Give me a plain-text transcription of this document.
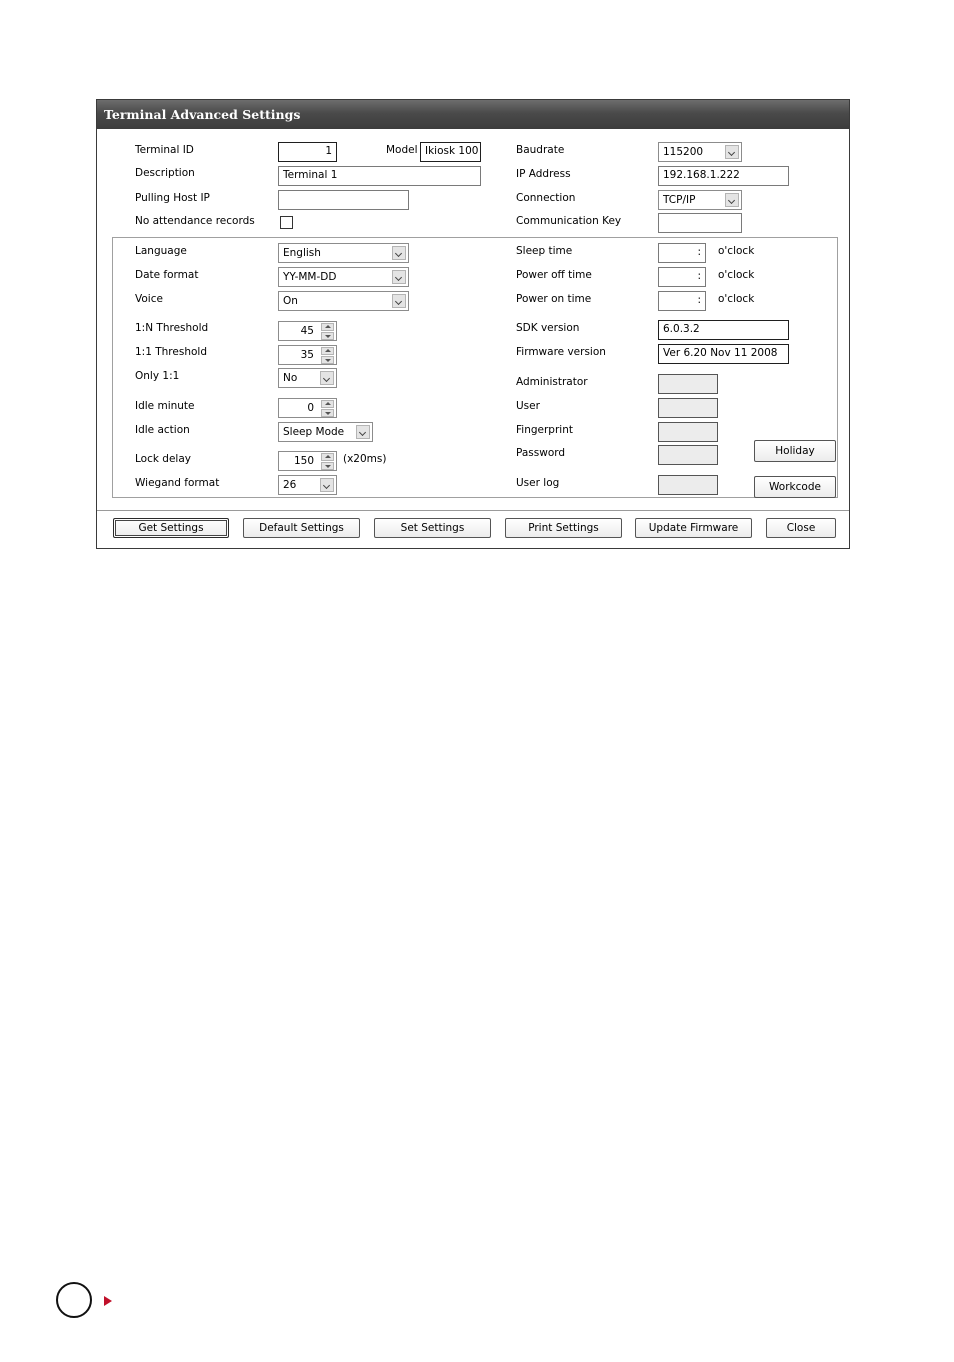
Terminal Advanced Settings
Terminal ID	1	Model Ikiosk 100
Description	Terminal 1
Pulling Host IP
No attendance records
Baudrate	115200
IP Address	192.168.1.222
Connection	TCP/IP
Communication Key
Language	English
Date format	YY-MM-DD
Voice	On
1:N Threshold	45
1:1 Threshold	35
Only 1:1	No
Idle minute	0
Idle action	Sleep Mode
Lock delay	150	(x20ms)
Wiegand format	26
Sleep time	:	o'clock
Power off time	:	o'clock
Power on time	:	o'clock
SDK version	6.0.3.2
Firmware version	Ver 6.20 Nov 11 2008
Administrator
User
Fingerprint
Password
User log
Holiday
Workcode
Get Settings	Default Settings	Set Settings	Print Settings	Update Firmware	Close
